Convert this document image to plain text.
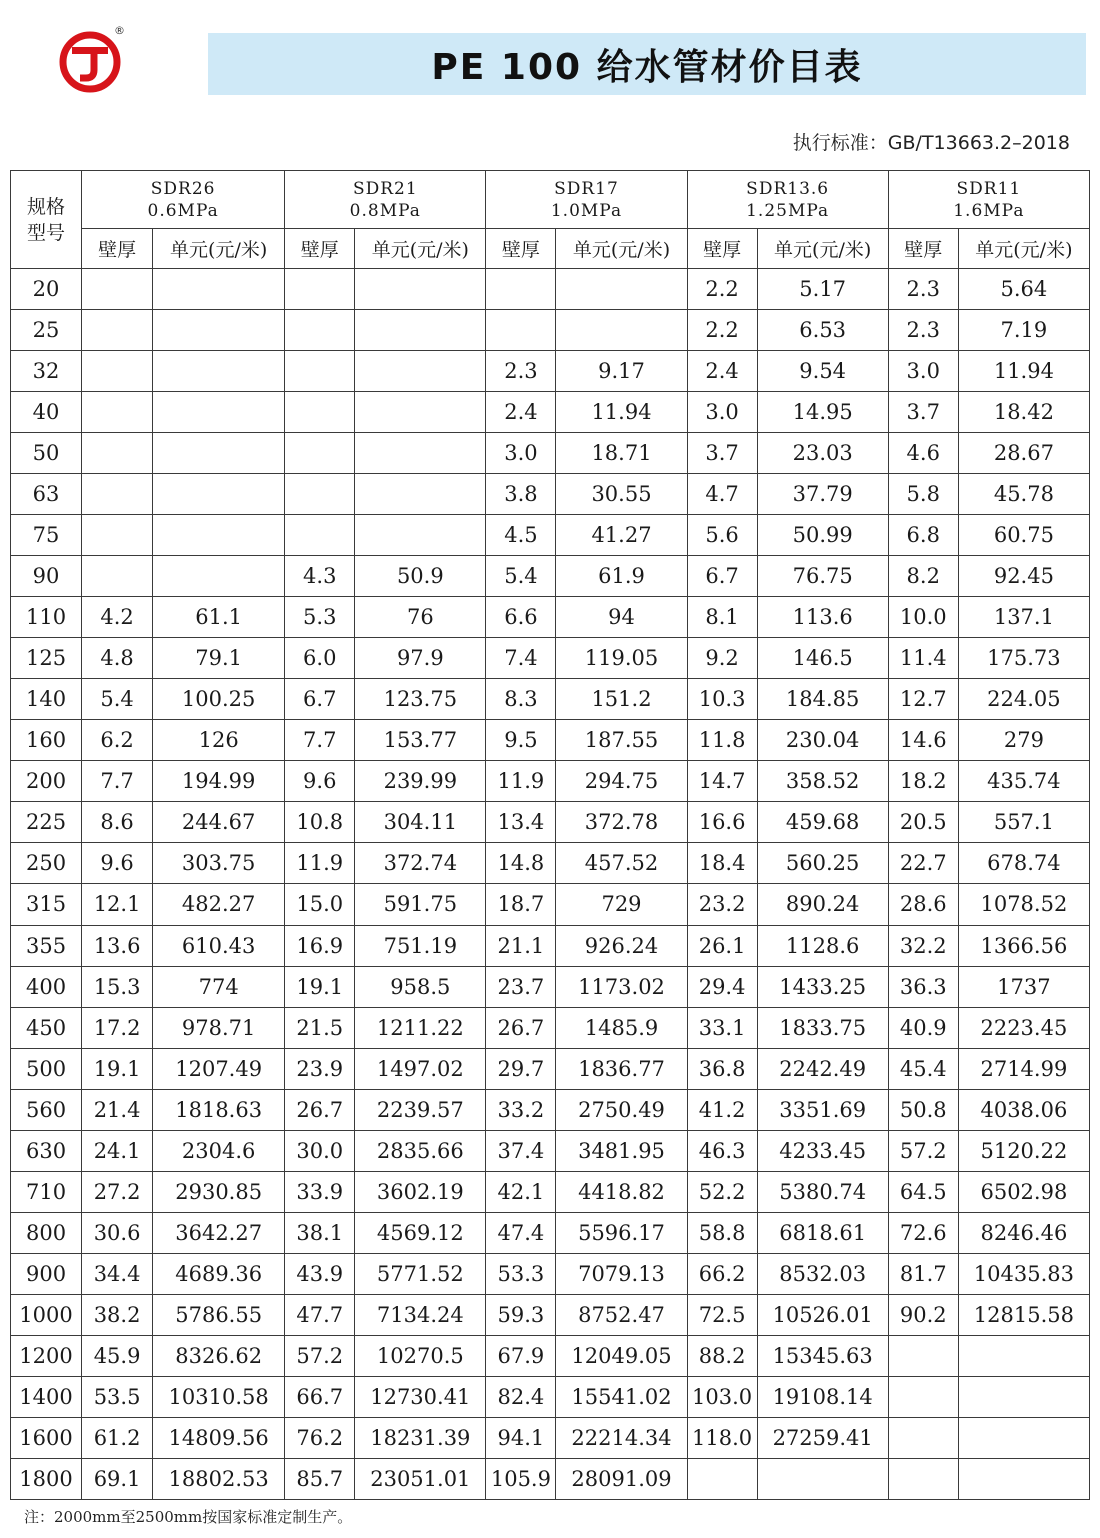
®
PE 100 给水管材价目表
执行标准：GB/T13663.2–2018
规格
型号	SDR26
0.6MPa		SDR21
0.8MPa		SDR17
1.0MPa		SDR13.6
1.25MPa		SDR11
1.6MPa	

	壁厚	单元(元/米)	壁厚	单元(元/米)	壁厚	单元(元/米)	壁厚	单元(元/米)	壁厚	单元(元/米)
20							2.2	5.17	2.3	5.64
25							2.2	6.53	2.3	7.19
32					2.3	9.17	2.4	9.54	3.0	11.94
40					2.4	11.94	3.0	14.95	3.7	18.42
50					3.0	18.71	3.7	23.03	4.6	28.67
63					3.8	30.55	4.7	37.79	5.8	45.78
75					4.5	41.27	5.6	50.99	6.8	60.75
90			4.3	50.9	5.4	61.9	6.7	76.75	8.2	92.45
110	4.2	61.1	5.3	76	6.6	94	8.1	113.6	10.0	137.1
125	4.8	79.1	6.0	97.9	7.4	119.05	9.2	146.5	11.4	175.73
140	5.4	100.25	6.7	123.75	8.3	151.2	10.3	184.85	12.7	224.05
160	6.2	126	7.7	153.77	9.5	187.55	11.8	230.04	14.6	279
200	7.7	194.99	9.6	239.99	11.9	294.75	14.7	358.52	18.2	435.74
225	8.6	244.67	10.8	304.11	13.4	372.78	16.6	459.68	20.5	557.1
250	9.6	303.75	11.9	372.74	14.8	457.52	18.4	560.25	22.7	678.74
315	12.1	482.27	15.0	591.75	18.7	729	23.2	890.24	28.6	1078.52
355	13.6	610.43	16.9	751.19	21.1	926.24	26.1	1128.6	32.2	1366.56
400	15.3	774	19.1	958.5	23.7	1173.02	29.4	1433.25	36.3	1737
450	17.2	978.71	21.5	1211.22	26.7	1485.9	33.1	1833.75	40.9	2223.45
500	19.1	1207.49	23.9	1497.02	29.7	1836.77	36.8	2242.49	45.4	2714.99
560	21.4	1818.63	26.7	2239.57	33.2	2750.49	41.2	3351.69	50.8	4038.06
630	24.1	2304.6	30.0	2835.66	37.4	3481.95	46.3	4233.45	57.2	5120.22
710	27.2	2930.85	33.9	3602.19	42.1	4418.82	52.2	5380.74	64.5	6502.98
800	30.6	3642.27	38.1	4569.12	47.4	5596.17	58.8	6818.61	72.6	8246.46
900	34.4	4689.36	43.9	5771.52	53.3	7079.13	66.2	8532.03	81.7	10435.83
1000	38.2	5786.55	47.7	7134.24	59.3	8752.47	72.5	10526.01	90.2	12815.58
1200	45.9	8326.62	57.2	10270.5	67.9	12049.05	88.2	15345.63		
1400	53.5	10310.58	66.7	12730.41	82.4	15541.02	103.0	19108.14		
1600	61.2	14809.56	76.2	18231.39	94.1	22214.34	118.0	27259.41		
1800	69.1	18802.53	85.7	23051.01	105.9	28091.09				
注：2000mm至2500mm按国家标准定制生产。
